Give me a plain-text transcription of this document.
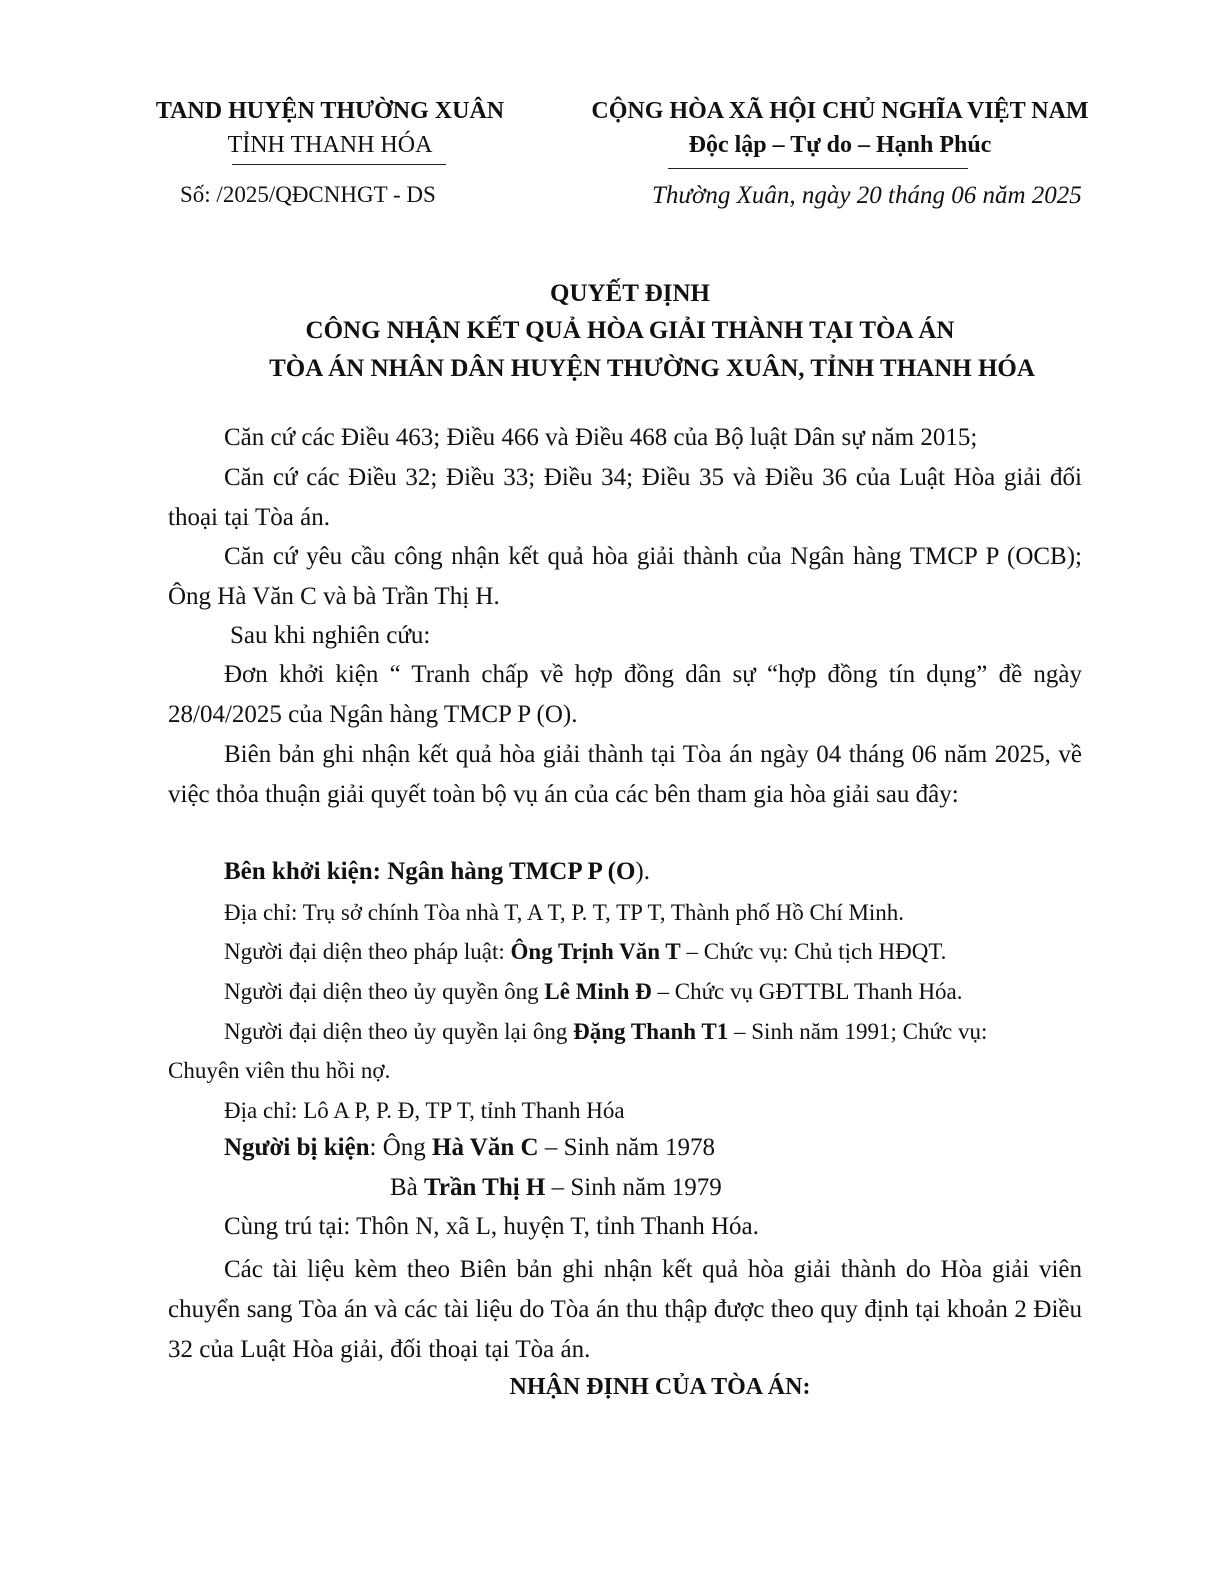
TAND HUYỆN THƯỜNG XUÂN
TỈNH THANH HÓA
Số: /2025/QĐCNHGT - DS
CỘNG HÒA XÃ HỘI CHỦ NGHĨA VIỆT NAM
Độc lập – Tự do – Hạnh Phúc
Thường Xuân, ngày 20 tháng 06 năm 2025
QUYẾT ĐỊNH
CÔNG NHẬN KẾT QUẢ HÒA GIẢI THÀNH TẠI TÒA ÁN
TÒA ÁN NHÂN DÂN HUYỆN THƯỜNG XUÂN, TỈNH THANH HÓA
Căn cứ các Điều 463; Điều 466 và Điều 468 của Bộ luật Dân sự năm 2015;
Căn cứ các Điều 32; Điều 33; Điều 34; Điều 35 và Điều 36 của Luật Hòa giải đối thoại tại Tòa án.
Căn cứ yêu cầu công nhận kết quả hòa giải thành của Ngân hàng TMCP P (OCB); Ông Hà Văn C và bà Trần Thị H.
Sau khi nghiên cứu:
Đơn khởi kiện “ Tranh chấp về hợp đồng dân sự “hợp đồng tín dụng” đề ngày 28/04/2025 của Ngân hàng TMCP P (O).
Biên bản ghi nhận kết quả hòa giải thành tại Tòa án ngày 04 tháng 06 năm 2025, về việc thỏa thuận giải quyết toàn bộ vụ án của các bên tham gia hòa giải sau đây:
Bên khởi kiện: Ngân hàng TMCP P (O).
Địa chỉ: Trụ sở chính Tòa nhà T, A T, P. T, TP T, Thành phố Hồ Chí Minh.
Người đại diện theo pháp luật: Ông Trịnh Văn T – Chức vụ: Chủ tịch HĐQT.
Người đại diện theo ủy quyền ông Lê Minh Đ – Chức vụ GĐTTBL Thanh Hóa.
Người đại diện theo ủy quyền lại ông Đặng Thanh T1 – Sinh năm 1991; Chức vụ:
Chuyên viên thu hồi nợ.
Địa chỉ: Lô A P, P. Đ, TP T, tỉnh Thanh Hóa
Người bị kiện: Ông Hà Văn C – Sinh năm 1978
Bà Trần Thị H – Sinh năm 1979
Cùng trú tại: Thôn N, xã L, huyện T, tỉnh Thanh Hóa.
Các tài liệu kèm theo Biên bản ghi nhận kết quả hòa giải thành do Hòa giải viên chuyển sang Tòa án và các tài liệu do Tòa án thu thập được theo quy định tại khoản 2 Điều 32 của Luật Hòa giải, đối thoại tại Tòa án.
NHẬN ĐỊNH CỦA TÒA ÁN:
